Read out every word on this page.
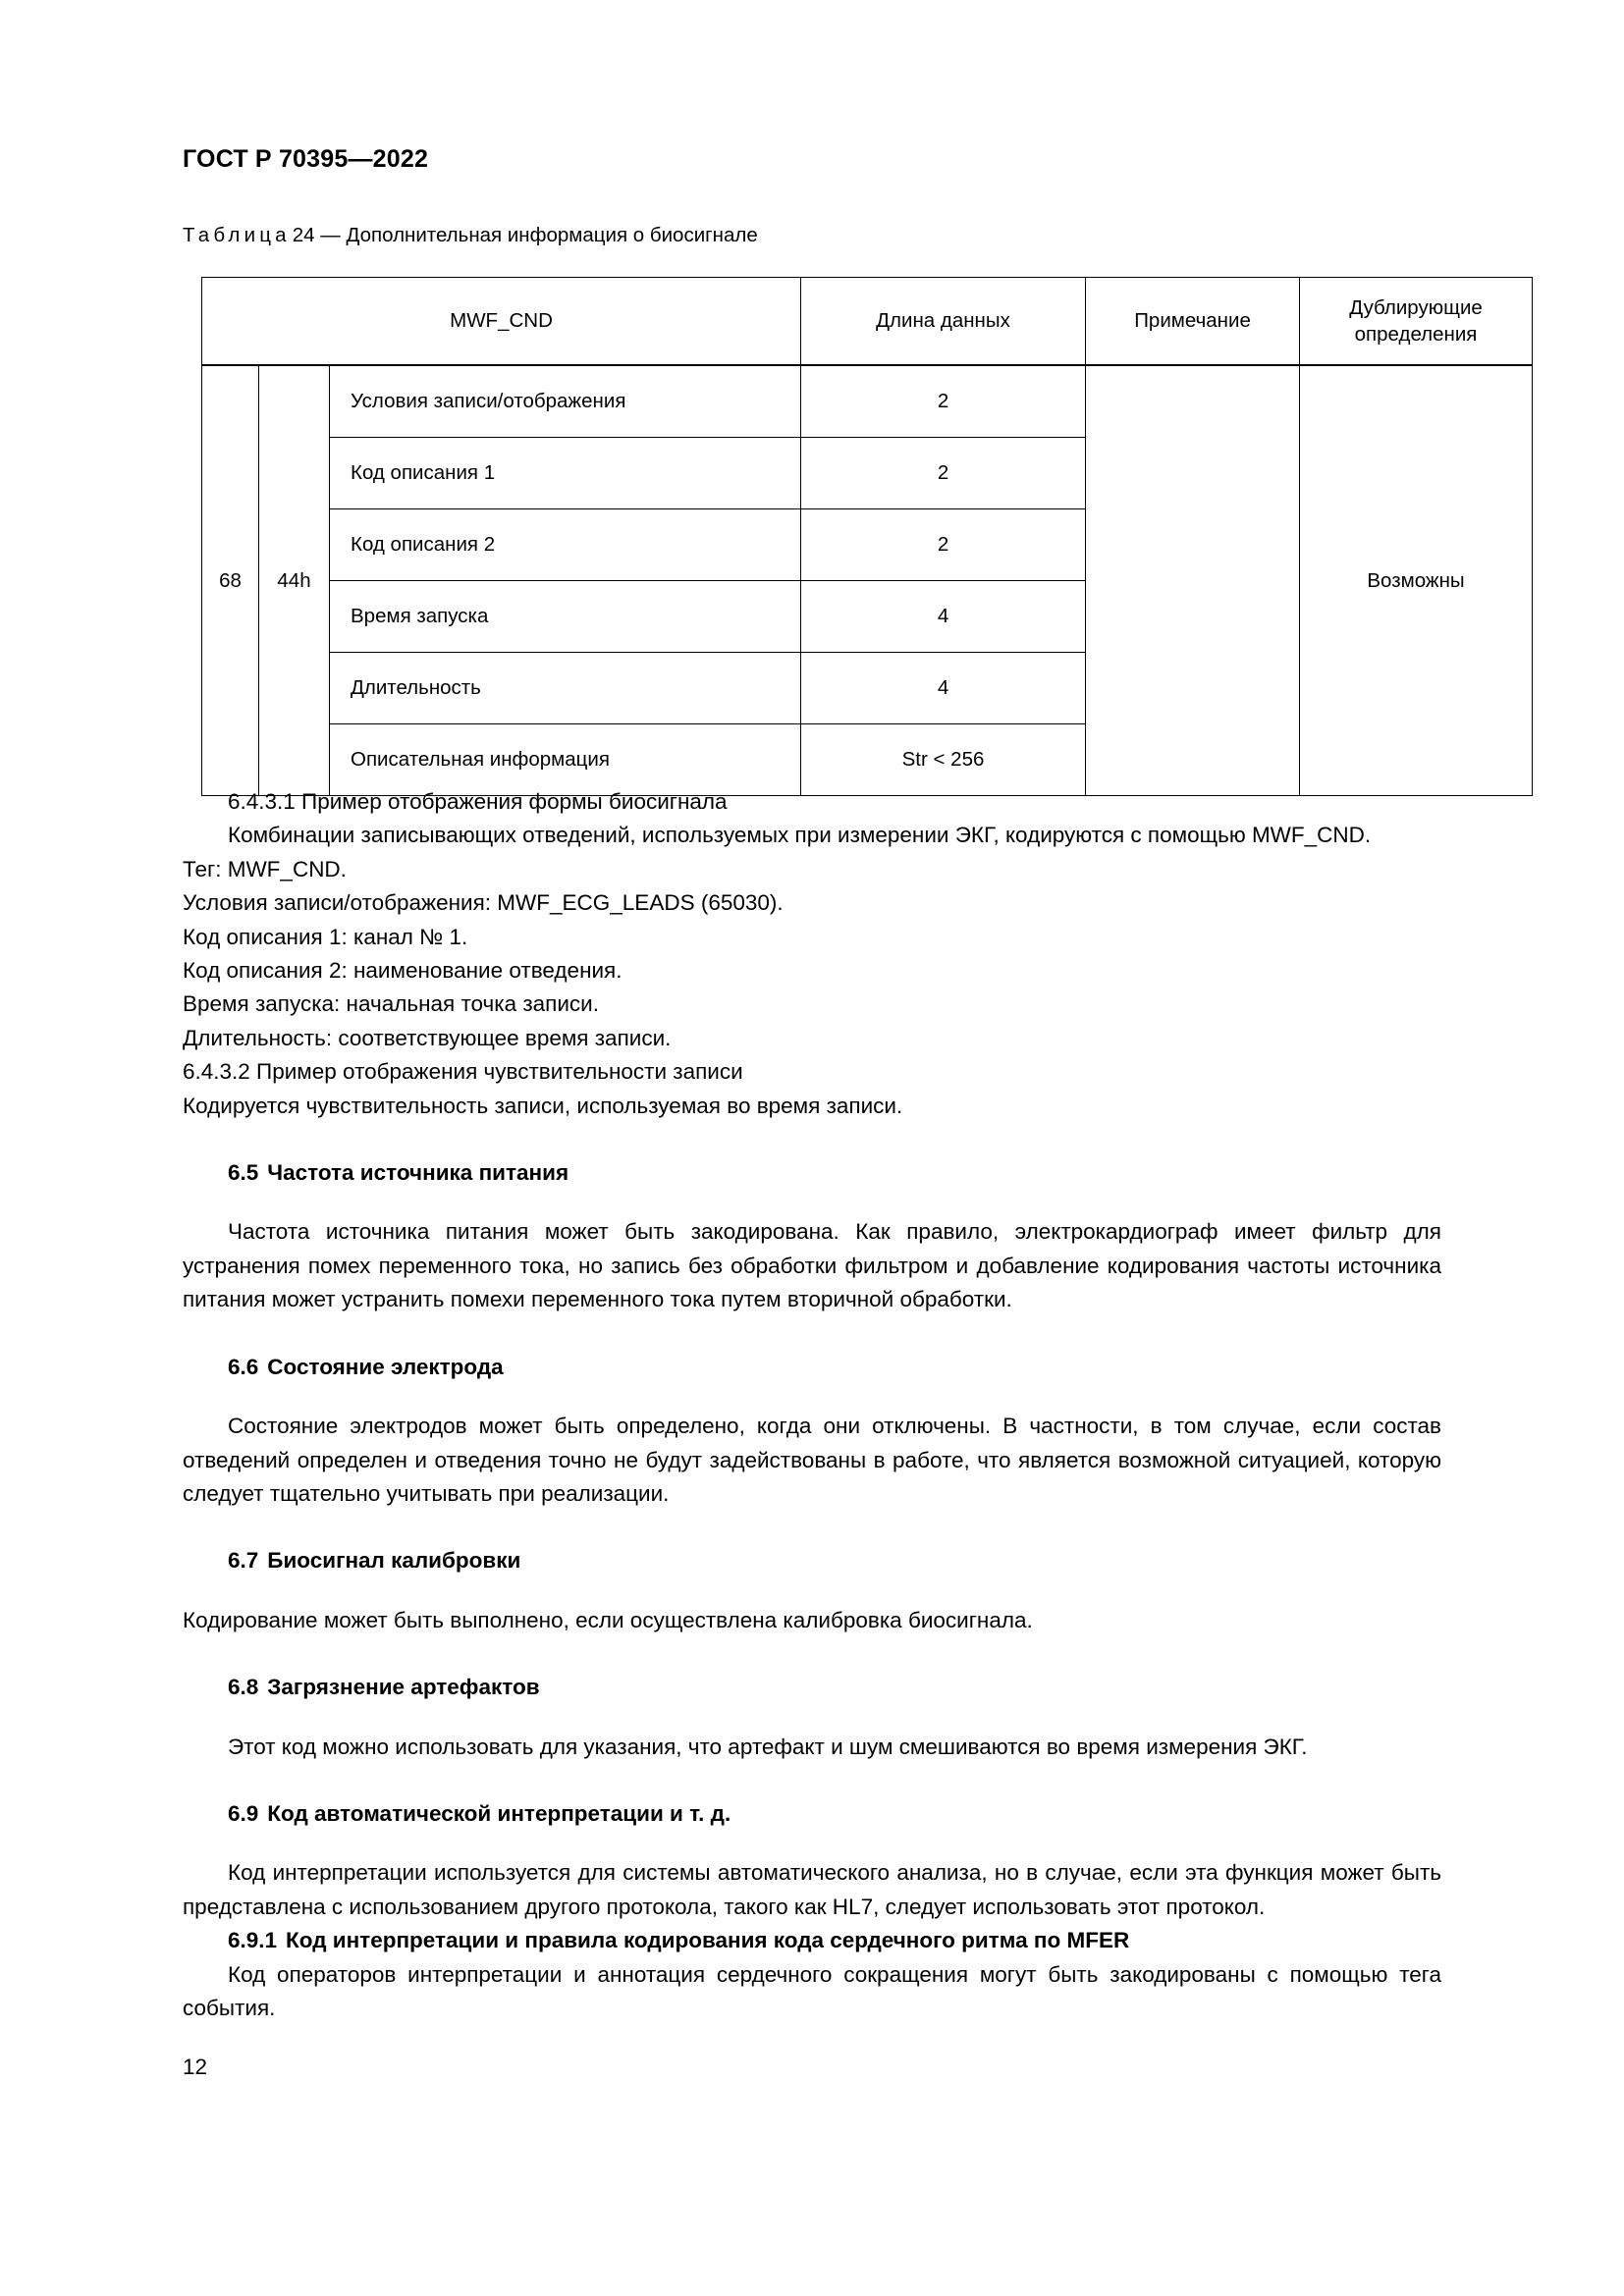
ГОСТ Р 70395—2022
Таблица24 — Дополнительная информация о биосигнале
MWF_CND			Длина данных	Примечание	Дублирующие
определения
68	44h	Условия записи/отображения	2		Возможны
		Код описания 1	2		
		Код описания 2	2		
		Время запуска	4		
		Длительность	4		
		Описательная информация	Str < 256		

6.4.3.1 Пример отображения формы биосигнала

Комбинации записывающих отведений, используемых при измерении ЭКГ, кодируются с помощью MWF_CND.

Тег: MWF_CND.

Условия записи/отображения: MWF_ECG_LEADS (65030).

Код описания 1: канал № 1.

Код описания 2: наименование отведения.

Время запуска: начальная точка записи.

Длительность: соответствующее время записи.

6.4.3.2 Пример отображения чувствительности записи

Кодируется чувствительность записи, используемая во время записи.

6.5 Частота источника питания

Частота источника питания может быть закодирована. Как правило, электрокардиограф имеет фильтр для устранения помех переменного тока, но запись без обработки фильтром и добавление кодирования частоты источника питания может устранить помехи переменного тока путем вторичной обработки.

6.6 Состояние электрода

Состояние электродов может быть определено, когда они отключены. В частности, в том случае, если состав отведений определен и отведения точно не будут задействованы в работе, что является возможной ситуацией, которую следует тщательно учитывать при реализации.

6.7 Биосигнал калибровки

Кодирование может быть выполнено, если осуществлена калибровка биосигнала.

6.8 Загрязнение артефактов

Этот код можно использовать для указания, что артефакт и шум смешиваются во время измерения ЭКГ.

6.9 Код автоматической интерпретации и т. д.

Код интерпретации используется для системы автоматического анализа, но в случае, если эта функция может быть представлена с использованием другого протокола, такого как HL7, следует использовать этот протокол.

6.9.1 Код интерпретации и правила кодирования кода сердечного ритма по MFER

Код операторов интерпретации и аннотация сердечного сокращения могут быть закодированы с помощью тега события.

12
